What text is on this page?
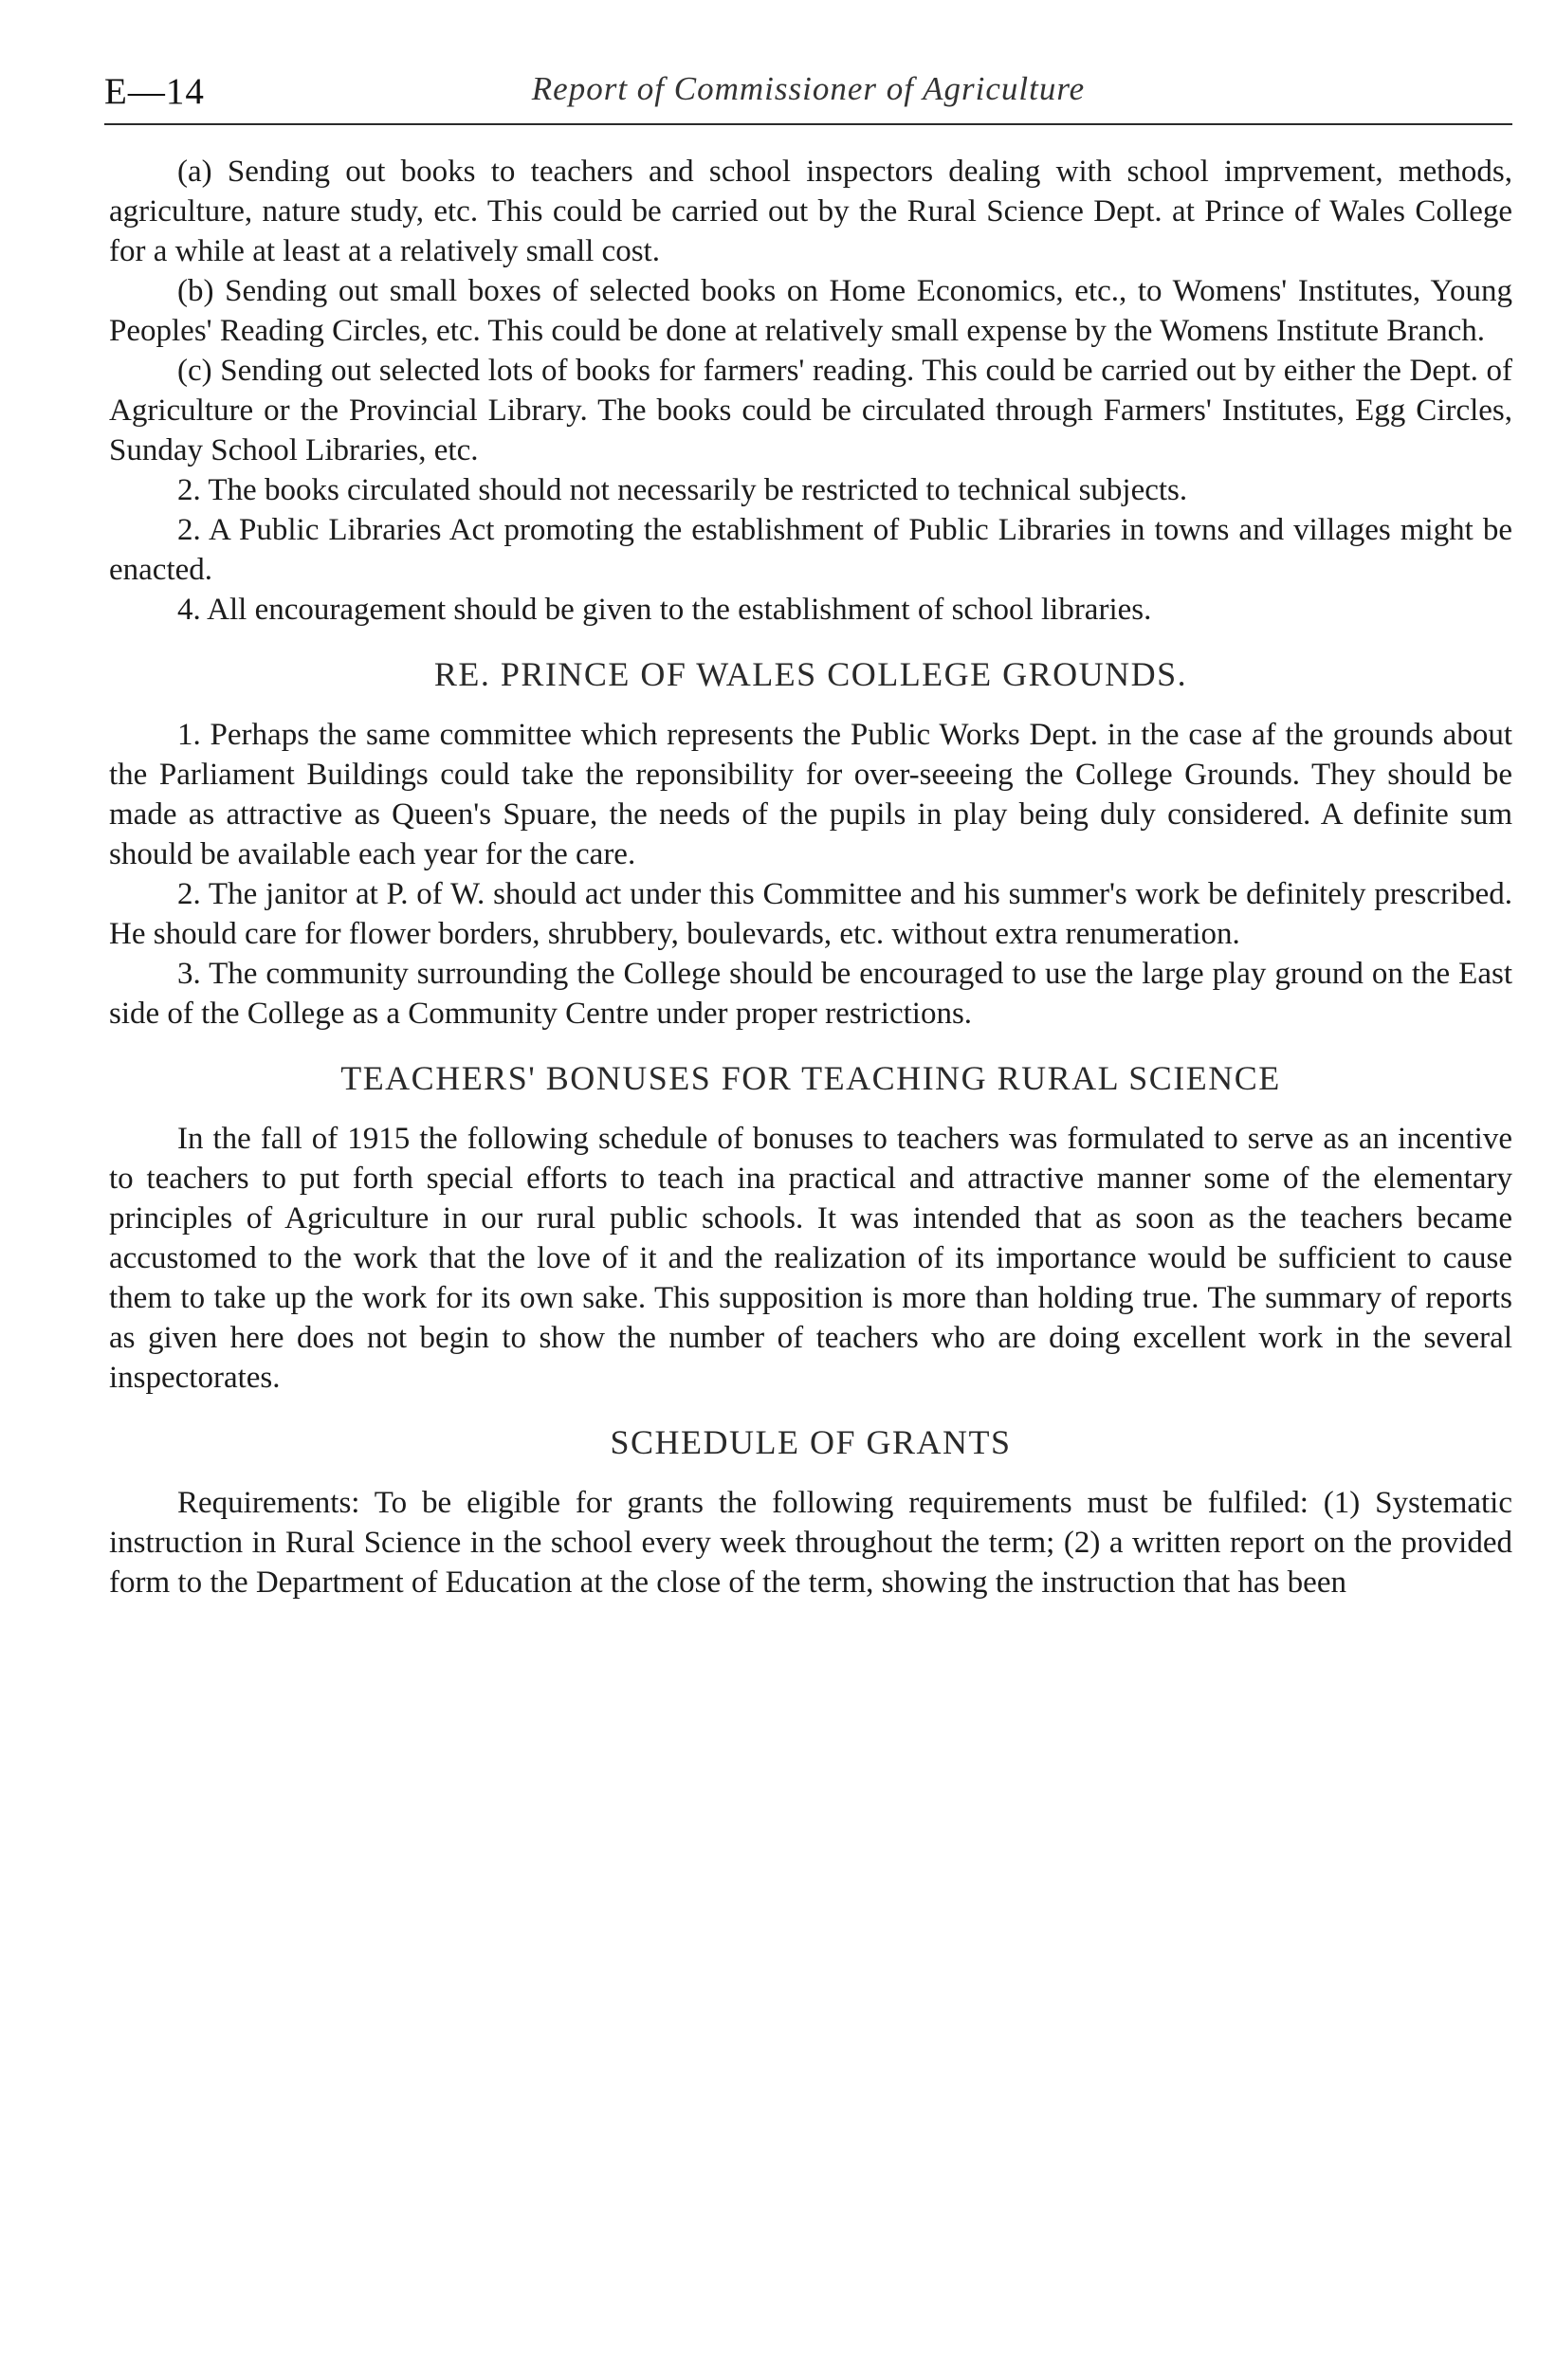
E—14	Report of Commissioner of Agriculture

(a) Sending out books to teachers and school inspectors dealing with school imprvement, methods, agriculture, nature study, etc. This could be carried out by the Rural Science Dept. at Prince of Wales College for a while at least at a relatively small cost.

(b) Sending out small boxes of selected books on Home Economics, etc., to Womens' Institutes, Young Peoples' Reading Circles, etc. This could be done at relatively small expense by the Womens Institute Branch.

(c) Sending out selected lots of books for farmers' reading. This could be carried out by either the Dept. of Agriculture or the Provincial Library. The books could be circulated through Farmers' Institutes, Egg Circles, Sunday School Libraries, etc.

2. The books circulated should not necessarily be restricted to technical subjects.

2. A Public Libraries Act promoting the establishment of Public Libraries in towns and villages might be enacted.

4. All encouragement should be given to the establishment of school libraries.

RE. PRINCE OF WALES COLLEGE GROUNDS.

1. Perhaps the same committee which represents the Public Works Dept. in the case af the grounds about the Parliament Buildings could take the reponsibility for over-seeeing the College Grounds. They should be made as attractive as Queen's Spuare, the needs of the pupils in play being duly considered. A definite sum should be available each year for the care.

2. The janitor at P. of W. should act under this Committee and his summer's work be definitely prescribed. He should care for flower borders, shrubbery, boulevards, etc. without extra renumeration.

3. The community surrounding the College should be encouraged to use the large play ground on the East side of the College as a Community Centre under proper restrictions.

TEACHERS' BONUSES FOR TEACHING RURAL SCIENCE

In the fall of 1915 the following schedule of bonuses to teachers was formulated to serve as an incentive to teachers to put forth special efforts to teach ina practical and attractive manner some of the elementary principles of Agriculture in our rural public schools. It was intended that as soon as the teachers became accustomed to the work that the love of it and the realization of its importance would be sufficient to cause them to take up the work for its own sake. This supposition is more than holding true. The summary of reports as given here does not begin to show the number of teachers who are doing excellent work in the several inspectorates.

SCHEDULE OF GRANTS

Requirements: To be eligible for grants the following requirements must be fulfiled: (1) Systematic instruction in Rural Science in the school every week throughout the term; (2) a written report on the provided form to the Department of Education at the close of the term, showing the instruction that has been
